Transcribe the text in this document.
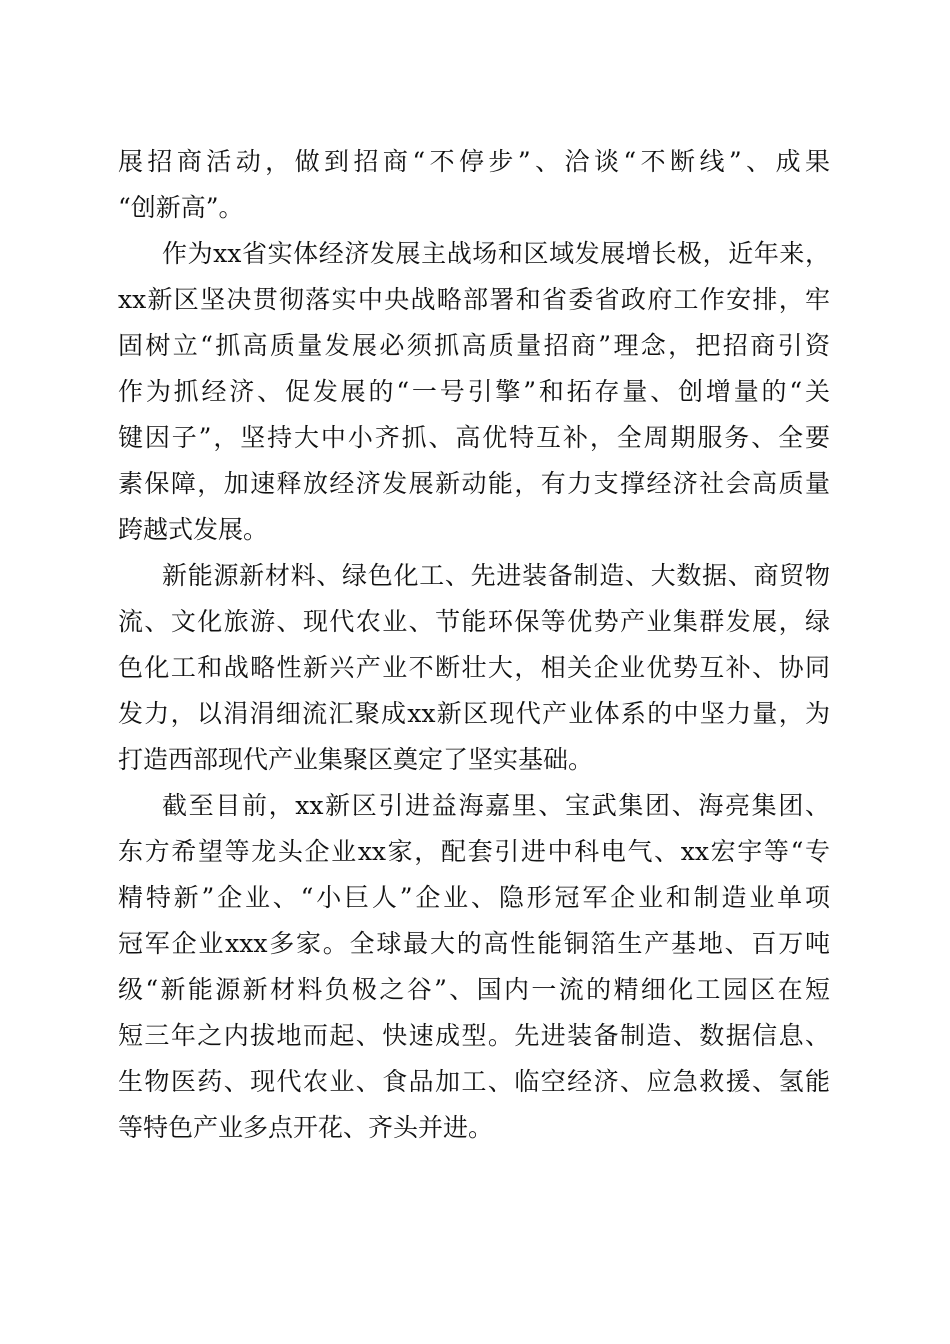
展招商活动，做到招商“不停步”、洽谈“不断线”、成果
“创新高”。
作为xx省实体经济发展主战场和区域发展增长极，近年来，
xx新区坚决贯彻落实中央战略部署和省委省政府工作安排，牢
固树立“抓高质量发展必须抓高质量招商”理念，把招商引资
作为抓经济、促发展的“一号引擎”和拓存量、创增量的“关
键因子”，坚持大中小齐抓、高优特互补，全周期服务、全要
素保障，加速释放经济发展新动能，有力支撑经济社会高质量
跨越式发展。
新能源新材料、绿色化工、先进装备制造、大数据、商贸物
流、文化旅游、现代农业、节能环保等优势产业集群发展，绿
色化工和战略性新兴产业不断壮大，相关企业优势互补、协同
发力，以涓涓细流汇聚成xx新区现代产业体系的中坚力量，为
打造西部现代产业集聚区奠定了坚实基础。
截至目前，xx新区引进益海嘉里、宝武集团、海亮集团、
东方希望等龙头企业xx家，配套引进中科电气、xx宏宇等“专
精特新”企业、“小巨人”企业、隐形冠军企业和制造业单项
冠军企业xxx多家。全球最大的高性能铜箔生产基地、百万吨
级“新能源新材料负极之谷”、国内一流的精细化工园区在短
短三年之内拔地而起、快速成型。先进装备制造、数据信息、
生物医药、现代农业、食品加工、临空经济、应急救援、氢能
等特色产业多点开花、齐头并进。
